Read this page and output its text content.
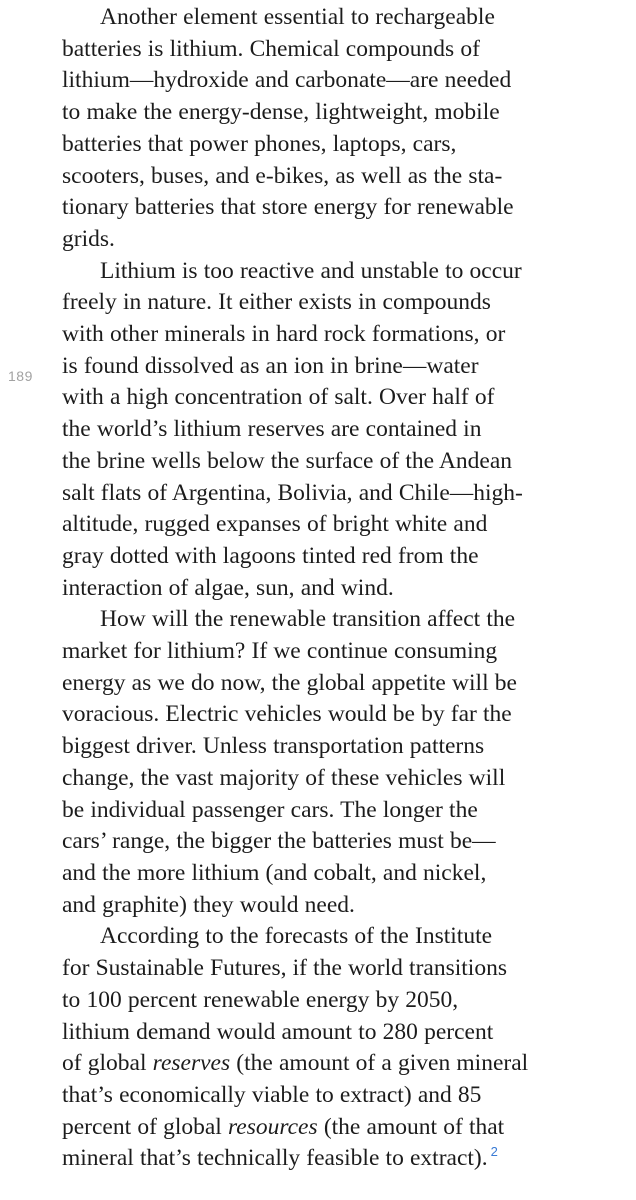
189

Another element essential to rechargeable
batteries is lithium. Chemical compounds of
lithium—hydroxide and carbonate—are needed
to make the energy-dense, lightweight, mobile
batteries that power phones, laptops, cars,
scooters, buses, and e-bikes, as well as the sta-
tionary batteries that store energy for renewable
grids.

Lithium is too reactive and unstable to occur
freely in nature. It either exists in compounds
with other minerals in hard rock formations, or
is found dissolved as an ion in brine—water
with a high concentration of salt. Over half of
the world’s lithium reserves are contained in
the brine wells below the surface of the Andean
salt flats of Argentina, Bolivia, and Chile—high-
altitude, rugged expanses of bright white and
gray dotted with lagoons tinted red from the
interaction of algae, sun, and wind.

How will the renewable transition affect the
market for lithium? If we continue consuming
energy as we do now, the global appetite will be
voracious. Electric vehicles would be by far the
biggest driver. Unless transportation patterns
change, the vast majority of these vehicles will
be individual passenger cars. The longer the
cars’ range, the bigger the batteries must be—
and the more lithium (and cobalt, and nickel,
and graphite) they would need.

According to the forecasts of the Institute
for Sustainable Futures, if the world transitions
to 100 percent renewable energy by 2050,
lithium demand would amount to 280 percent
of global reserves (the amount of a given mineral
that’s economically viable to extract) and 85
percent of global resources (the amount of that
mineral that’s technically feasible to extract). $^2$
